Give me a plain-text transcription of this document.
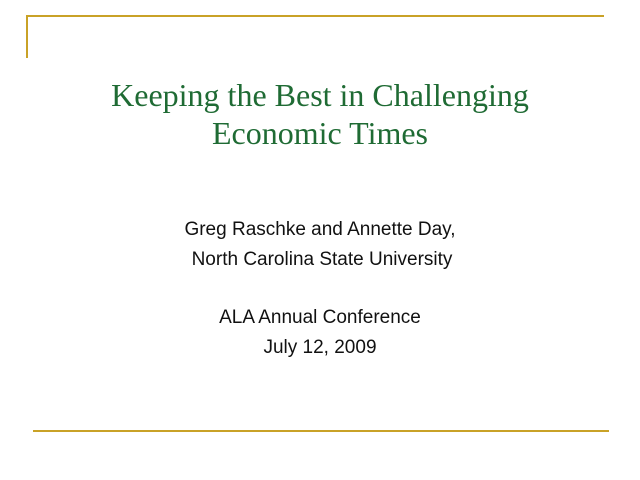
Keeping the Best in Challenging
Economic Times
Greg Raschke and Annette Day,
North Carolina State University
ALA Annual Conference
July 12, 2009
